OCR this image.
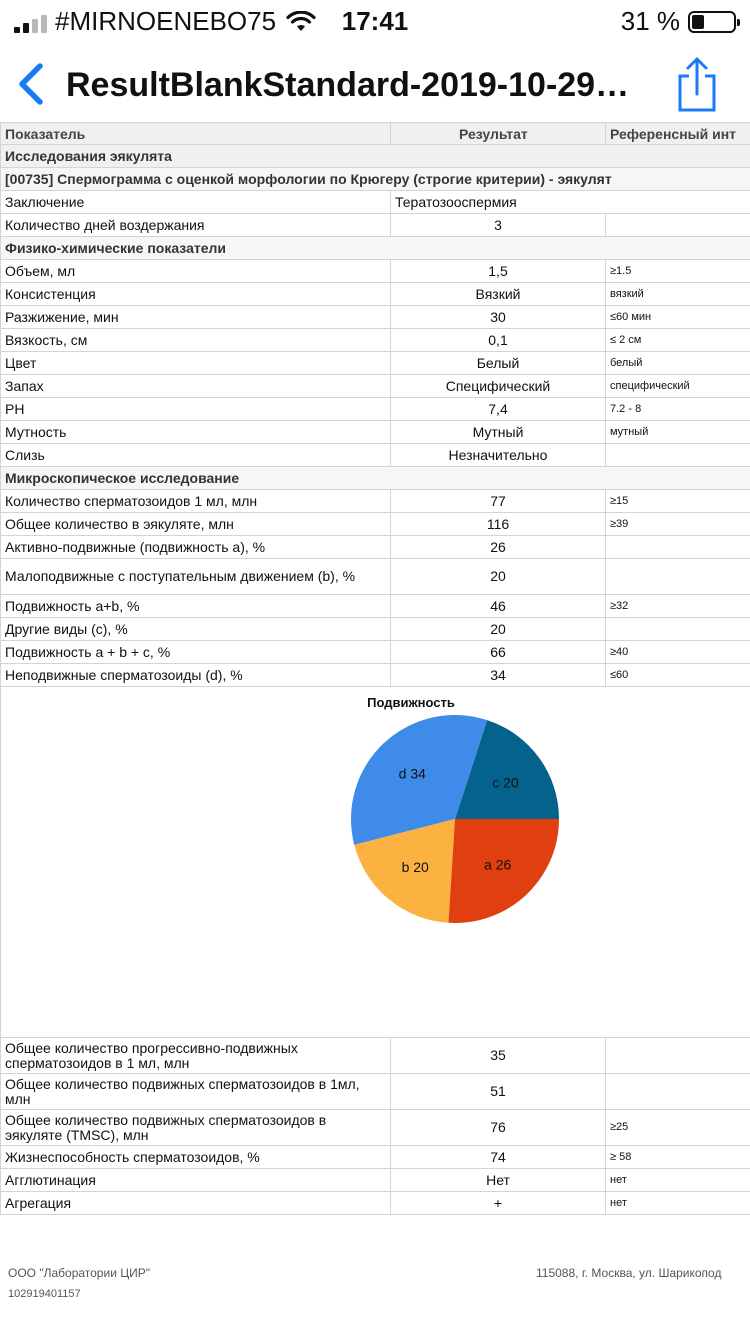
#MIRNOENEBO75	17:41	31 %
ResultBlankStandard-2019-10-29…
Показатель	Результат	Референсный инт
Исследования эякулята		
[00735] Спермограмма с оценкой морфологии по Крюгеру (строгие критерии) - эякулят		
Заключение	Тератозооспермия	
Количество дней воздержания	3	
Физико-химические показатели		
Объем, мл	1,5	≥1.5
Консистенция	Вязкий	вязкий
Разжижение, мин	30	≤60 мин
Вязкость, см	0,1	≤ 2 см
Цвет	Белый	белый
Запах	Специфический	специфический
PH	7,4	7.2 - 8
Мутность	Мутный	мутный
Слизь	Незначительно	
Микроскопическое исследование		
Количество сперматозоидов 1 мл, млн	77	≥15
Общее количество в эякуляте, млн	116	≥39
Активно-подвижные (подвижность a), %	26	
Малоподвижные с поступательным движением (b), %	20	
Подвижность a+b, %	46	≥32
Другие виды (c), %	20	
Подвижность a + b + c, %	66	≥40
Неподвижные сперматозоиды (d), %	34	≤60

Подвижность
c 20
d 34
b 20 a 26		

Общее количество прогрессивно-подвижных сперматозоидов в 1 мл, млн	35	
Общее количество подвижных сперматозоидов в 1мл, млн	51	
Общее количество подвижных сперматозоидов в эякуляте (TMSC), млн	76	≥25
Жизнеспособность сперматозоидов, %	74	≥ 58
Агглютинация	Нет	нет
Агрегация	+	нет
ООО "Лаборатории ЦИР"	115088, г. Москва, ул. Шарикопод
102919401157
